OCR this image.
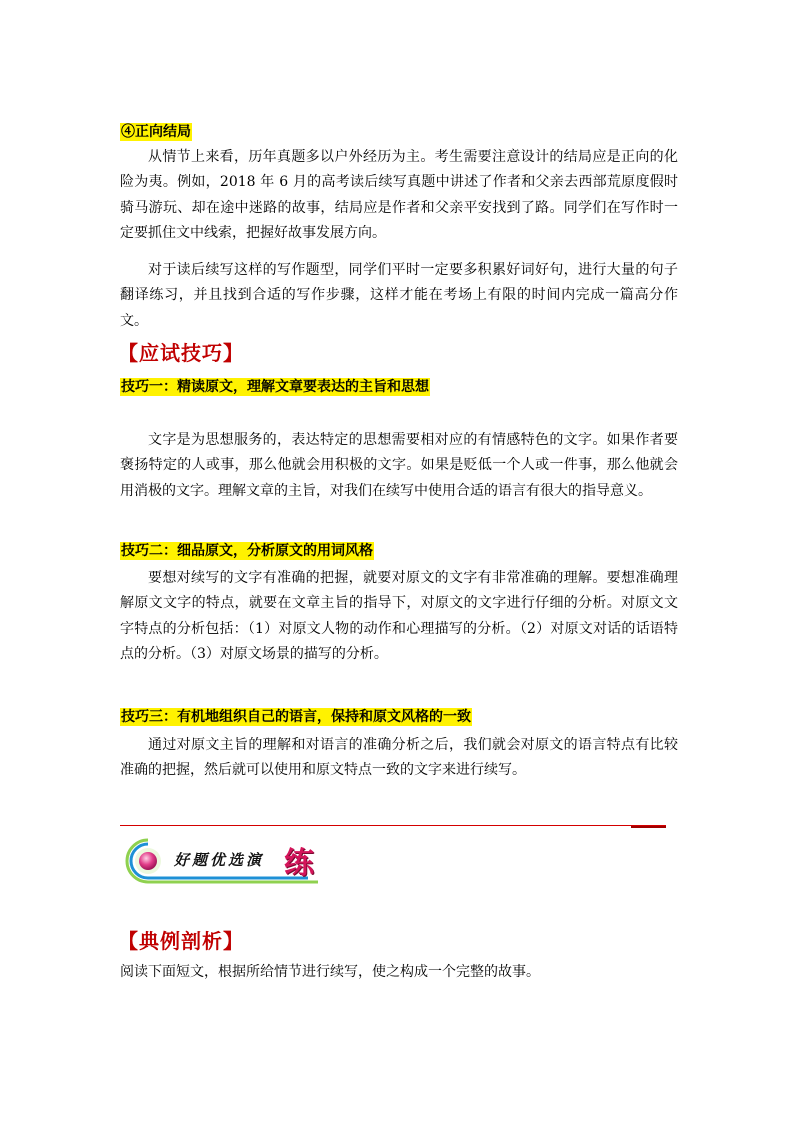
④正向结局

从情节上来看，历年真题多以户外经历为主。考生需要注意设计的结局应是正向的化险为夷。例如，2018 年 6 月的高考读后续写真题中讲述了作者和父亲去西部荒原度假时骑马游玩、却在途中迷路的故事，结局应是作者和父亲平安找到了路。同学们在写作时一定要抓住文中线索，把握好故事发展方向。

对于读后续写这样的写作题型，同学们平时一定要多积累好词好句，进行大量的句子翻译练习，并且找到合适的写作步骤，这样才能在考场上有限的时间内完成一篇高分作文。

【应试技巧】
技巧一：精读原文，理解文章要表达的主旨和思想

文字是为思想服务的，表达特定的思想需要相对应的有情感特色的文字。如果作者要褒扬特定的人或事，那么他就会用积极的文字。如果是贬低一个人或一件事，那么他就会用消极的文字。理解文章的主旨，对我们在续写中使用合适的语言有很大的指导意义。

技巧二：细品原文，分析原文的用词风格

要想对续写的文字有准确的把握，就要对原文的文字有非常准确的理解。要想准确理解原文文字的特点，就要在文章主旨的指导下，对原文的文字进行仔细的分析。对原文文字特点的分析包括：（1）对原文人物的动作和心理描写的分析。（2）对原文对话的话语特点的分析。（3）对原文场景的描写的分析。

技巧三：有机地组织自己的语言，保持和原文风格的一致

通过对原文主旨的理解和对语言的准确分析之后，我们就会对原文的语言特点有比较准确的把握，然后就可以使用和原文特点一致的文字来进行续写。

好题优选演 练
【典例剖析】

阅读下面短文，根据所给情节进行续写，使之构成一个完整的故事。
